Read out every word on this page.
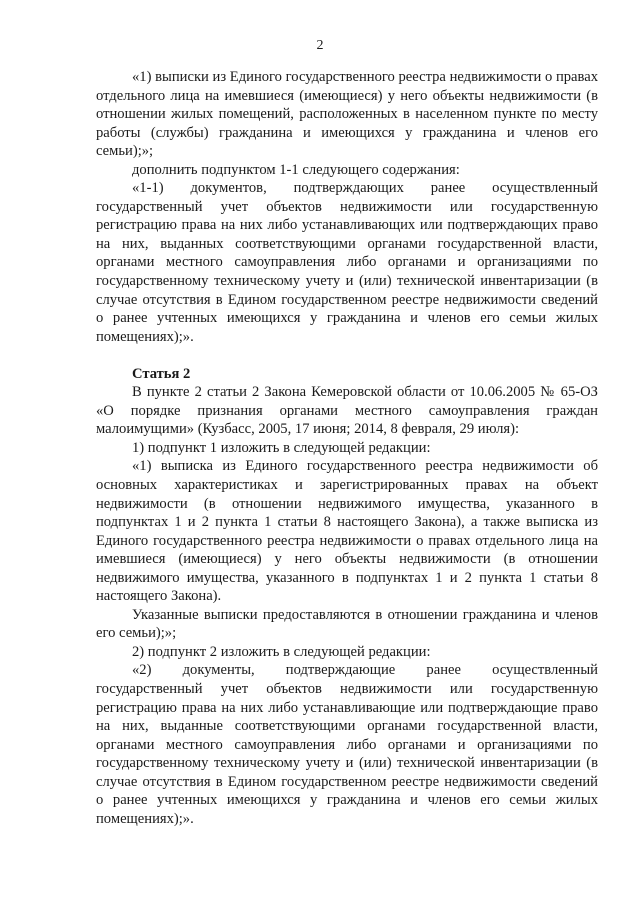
2

«1) выписки из Единого государственного реестра недвижимости о правах отдельного лица на имевшиеся (имеющиеся) у него объекты недвижимости (в отношении жилых помещений, расположенных в населенном пункте по месту работы (службы) гражданина и имеющихся у гражданина и членов его семьи);»;

дополнить подпунктом 1-1 следующего содержания:

«1-1) документов, подтверждающих ранее осуществленный государственный учет объектов недвижимости или государственную регистрацию права на них либо устанавливающих или подтверждающих право на них, выданных соответствующими органами государственной власти, органами местного самоуправления либо органами и организациями по государственному техническому учету и (или) технической инвентаризации (в случае отсутствия в Едином государственном реестре недвижимости сведений о ранее учтенных имеющихся у гражданина и членов его семьи жилых помещениях);».

Статья 2

В пункте 2 статьи 2 Закона Кемеровской области от 10.06.2005 № 65-ОЗ «О порядке признания органами местного самоуправления граждан малоимущими» (Кузбасс, 2005, 17 июня; 2014, 8 февраля, 29 июля):

1) подпункт 1 изложить в следующей редакции:

«1) выписка из Единого государственного реестра недвижимости об основных характеристиках и зарегистрированных правах на объект недвижимости (в отношении недвижимого имущества, указанного в подпунктах 1 и 2 пункта 1 статьи 8 настоящего Закона), а также выписка из Единого государственного реестра недвижимости о правах отдельного лица на имевшиеся (имеющиеся) у него объекты недвижимости (в отношении недвижимого имущества, указанного в подпунктах 1 и 2 пункта 1 статьи 8 настоящего Закона).

Указанные выписки предоставляются в отношении гражданина и членов его семьи);»;

2) подпункт 2 изложить в следующей редакции:

«2) документы, подтверждающие ранее осуществленный государственный учет объектов недвижимости или государственную регистрацию права на них либо устанавливающие или подтверждающие право на них, выданные соответствующими органами государственной власти, органами местного самоуправления либо органами и организациями по государственному техническому учету и (или) технической инвентаризации (в случае отсутствия в Едином государственном реестре недвижимости сведений о ранее учтенных имеющихся у гражданина и членов его семьи жилых помещениях);».
